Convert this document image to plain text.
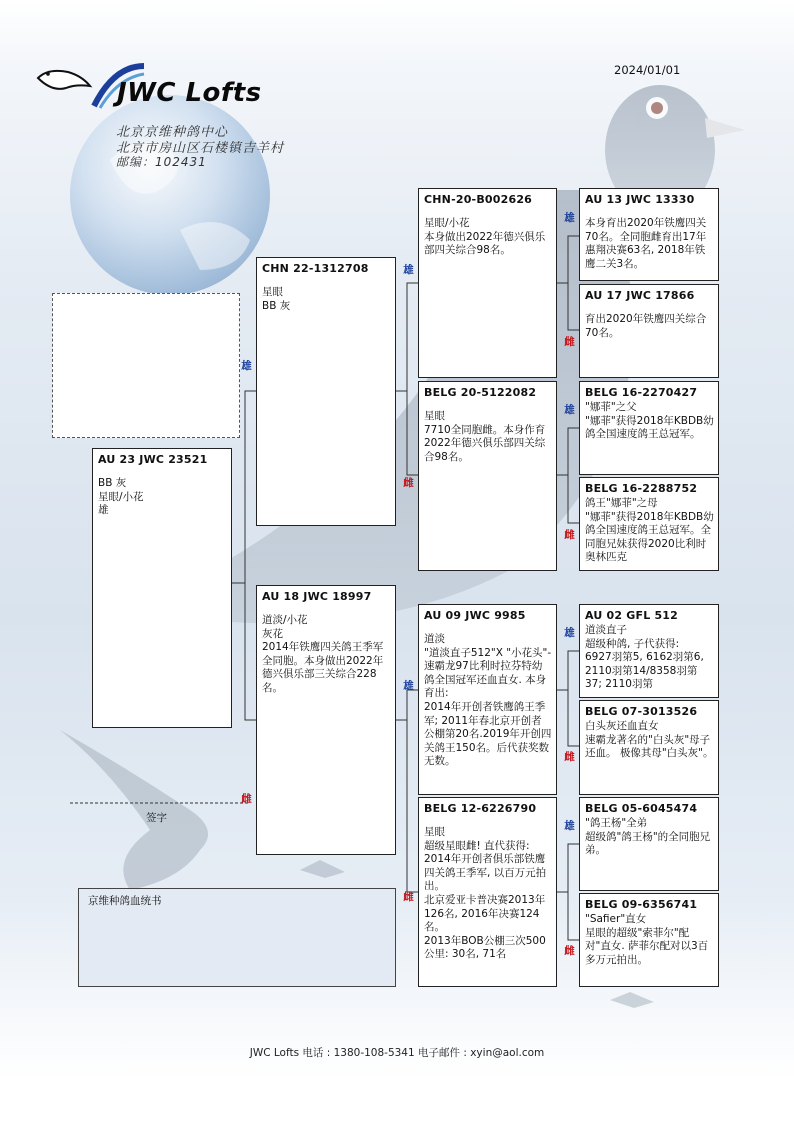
2024/01/01
JWC Lofts
北京京维种鸽中心
北京市房山区石楼镇吉羊村
邮编：102431
雄
雌
雄
雌
雄
雌
雄
雌
雄
雌
雄
雌
雄
雌
AU 23 JWC 23521
BB 灰
星眼/小花
雄
CHN 22-1312708
星眼
BB 灰
AU 18 JWC 18997
道淡/小花
灰花
2014年铁鹰四关鸽王季军全同胞。本身做出2022年德兴俱乐部三关综合228名。
CHN-20-B002626
星眼/小花
本身做出2022年德兴俱乐部四关综合98名。
BELG 20-5122082
星眼
7710全同胞雌。本身作育2022年德兴俱乐部四关综合98名。
AU 09 JWC 9985
道淡
"道淡直子512"X "小花头"-速霸龙97比利时拉芬特幼鸽全国冠军还血直女. 本身育出:
2014年开创者铁鹰鸽王季军; 2011年春北京开创者公棚第20名.2019年开创四关鸽王150名。后代获奖数无数。
BELG 12-6226790
星眼
超级星眼雌! 直代获得:
2014年开创者俱乐部铁鹰四关鸽王季军, 以百万元拍出。
北京爱亚卡普决赛2013年126名, 2016年决赛124名。
2013年BOB公棚三次500公里: 30名, 71名
AU 13 JWC 13330
本身育出2020年铁鹰四关70名。全同胞雌育出17年惠翔决赛63名, 2018年铁鹰二关3名。
AU 17 JWC 17866
育出2020年铁鹰四关综合70名。
BELG 16-2270427
"娜菲"之父
"娜菲"获得2018年KBDB幼鸽全国速度鸽王总冠军。
BELG 16-2288752
鸽王"娜菲"之母
"娜菲"获得2018年KBDB幼鸽全国速度鸽王总冠军。全同胞兄妹获得2020比利时奥林匹克
AU 02 GFL 512
道淡直子
超级种鸽, 子代获得:
6927羽第5, 6162羽第6, 2110羽第14/8358羽第37; 2110羽第
BELG 07-3013526
白头灰还血直女
速霸龙著名的"白头灰"母子还血。 极像其母"白头灰"。
BELG 05-6045474
"鸽王杨"全弟
超级鸽"鸽王杨"的全同胞兄弟。
BELG 09-6356741
"Safier"直女
星眼的超级"索菲尔"配对"直女. 萨菲尔配对以3百多万元拍出。
签字
京维种鸽血统书
JWC Lofts 电话 : 1380-108-5341 电子邮件 : xyin@aol.com
